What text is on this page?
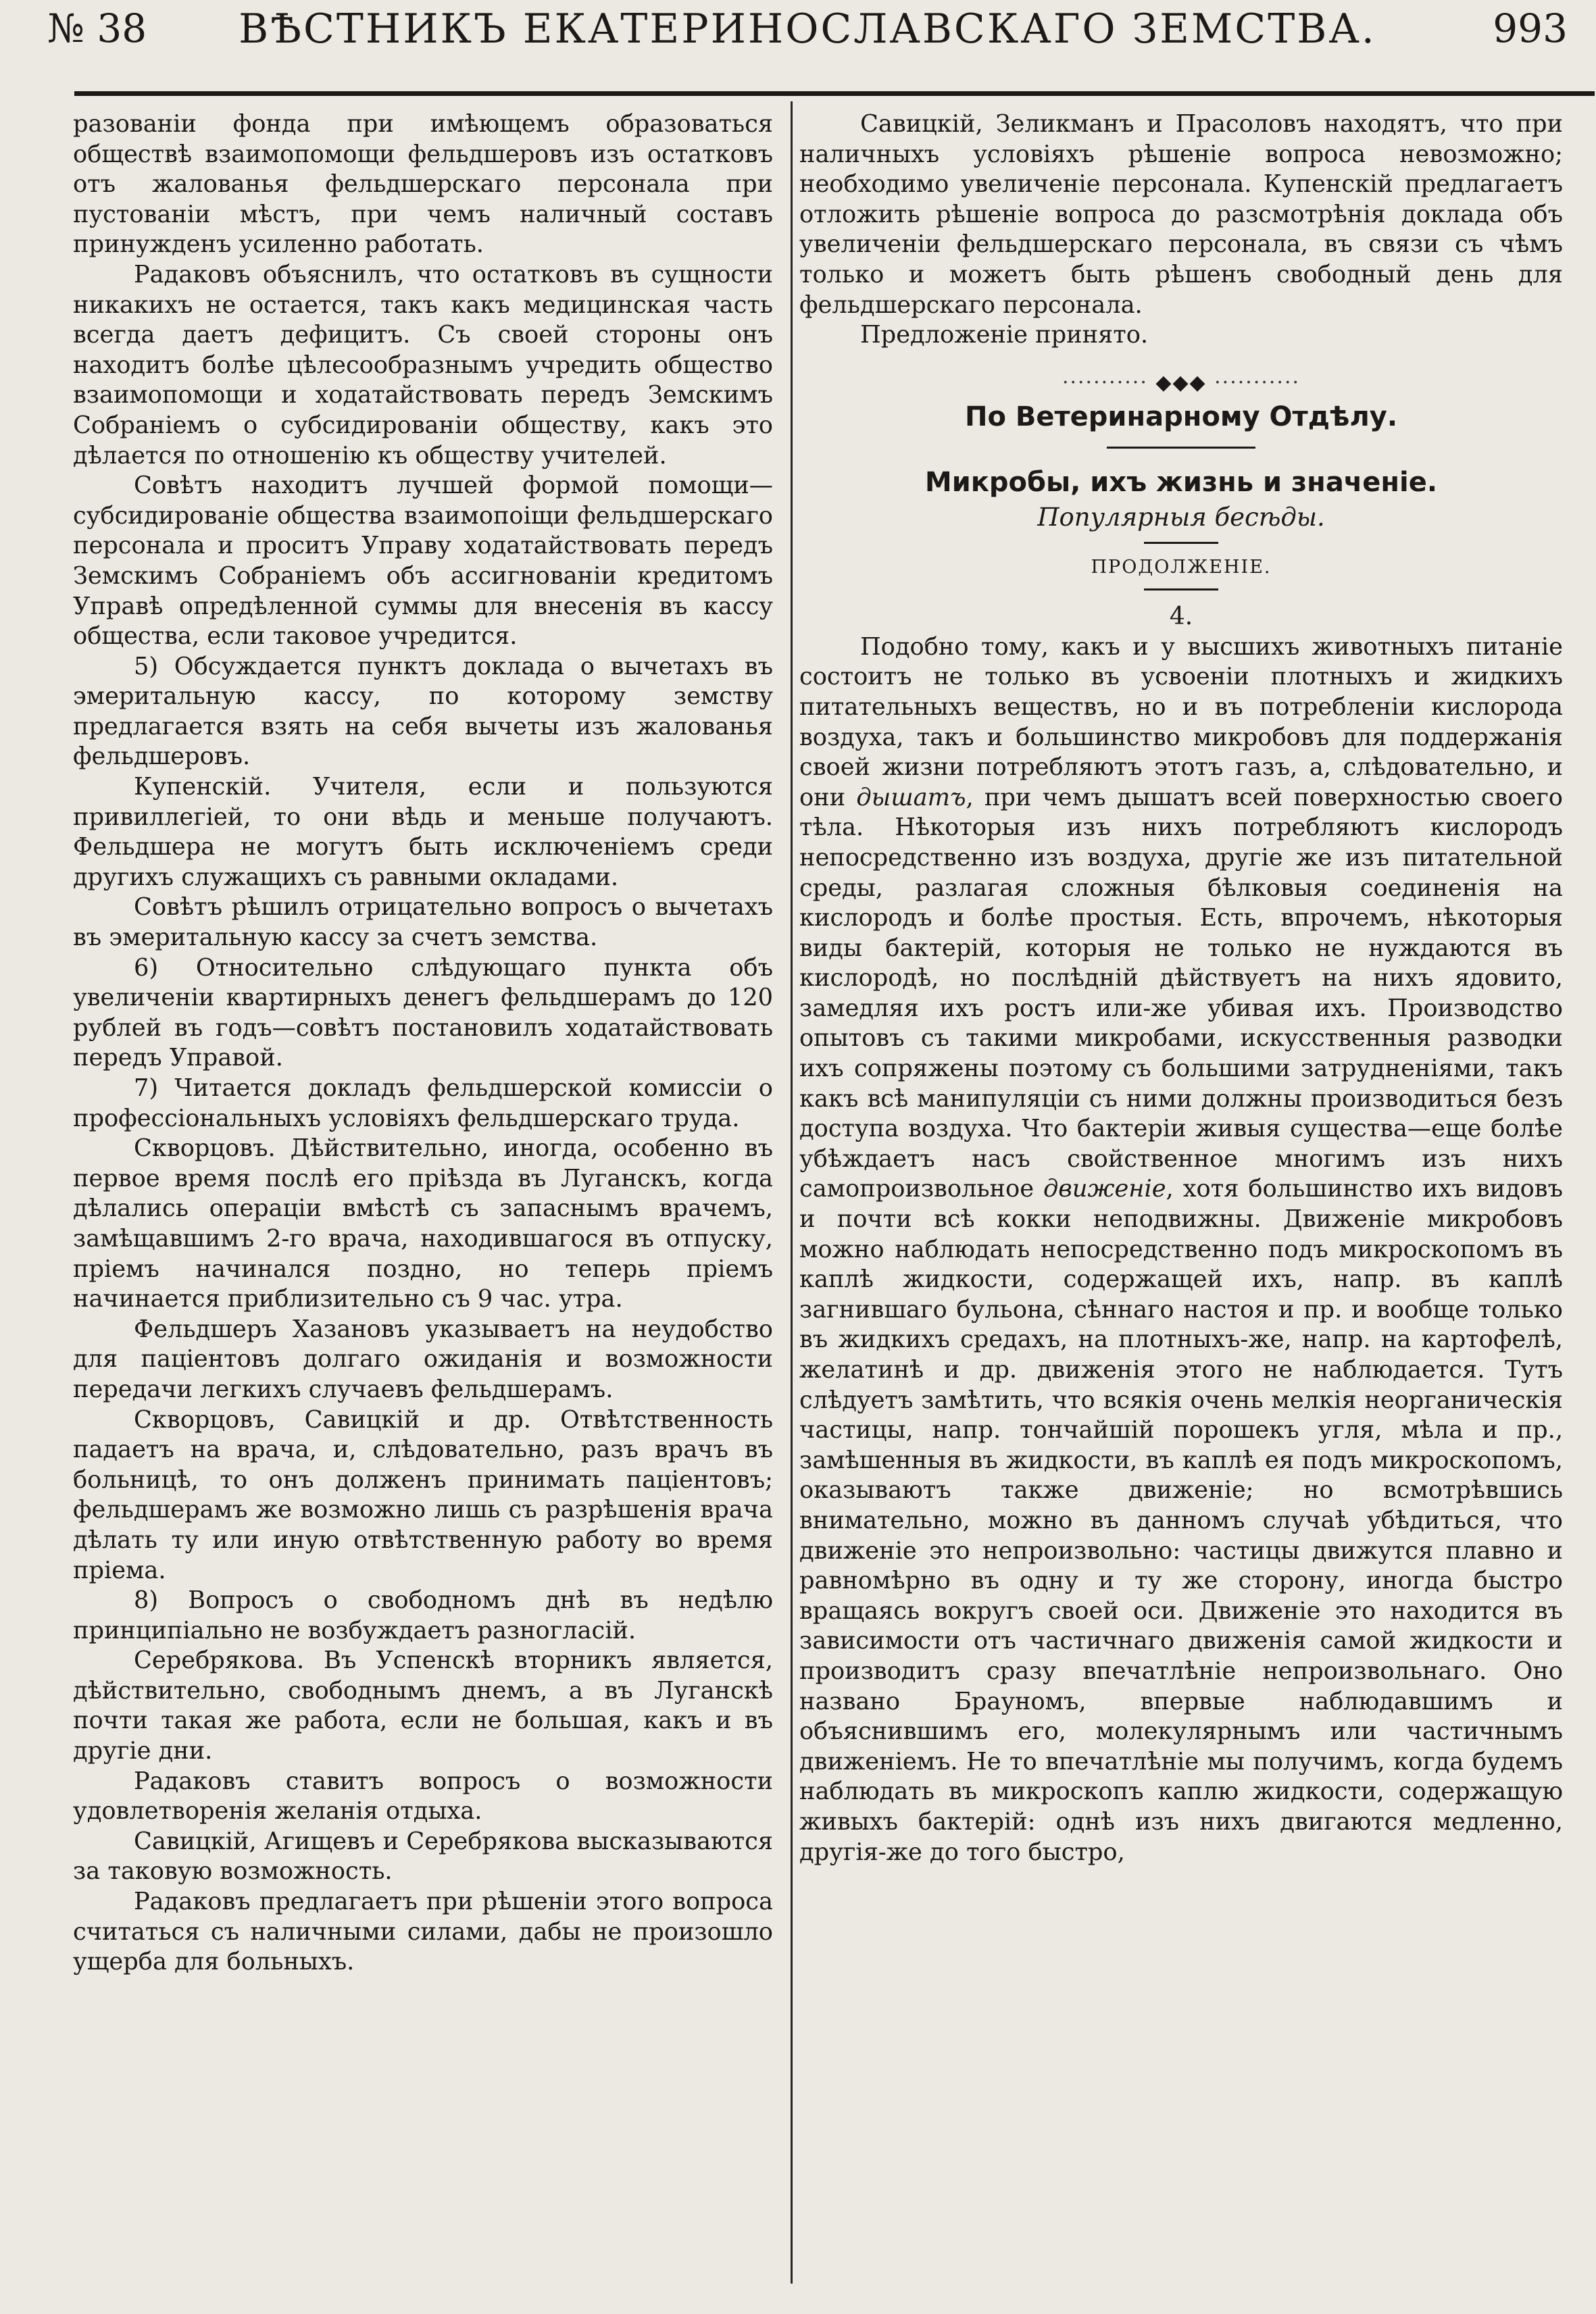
№ 38	ВѢСТНИКЪ ЕКАТЕРИНОСЛАВСКАГО ЗЕМСТВА.	993

разованіи фонда при имѣющемъ образоваться обществѣ взаимопомощи фельдшеровъ изъ остатковъ отъ жалованья фельдшерскаго персонала при пустованіи мѣстъ, при чемъ наличный составъ принужденъ усиленно работать.

Радаковъ объяснилъ, что остатковъ въ сущности никакихъ не остается, такъ какъ медицинская часть всегда даетъ дефицитъ. Съ своей стороны онъ находитъ болѣе цѣлесообразнымъ учредить общество взаимопомощи и ходатайствовать передъ Земскимъ Собраніемъ о субсидированіи обществу, какъ это дѣлается по отношенію къ обществу учителей.

Совѣтъ находитъ лучшей формой помощи—субсидированіе общества взаимопоіщи фельдшерскаго персонала и проситъ Управу ходатайствовать передъ Земскимъ Собраніемъ объ ассигнованіи кредитомъ Управѣ опредѣленной суммы для внесенія въ кассу общества, если таковое учредится.

5) Обсуждается пунктъ доклада о вычетахъ въ эмеритальную кассу, по которому земству предлагается взять на себя вычеты изъ жалованья фельдшеровъ.

Купенскій. Учителя, если и пользуются привиллегіей, то они вѣдь и меньше получаютъ. Фельдшера не могутъ быть исключеніемъ среди другихъ служащихъ съ равными окладами.

Совѣтъ рѣшилъ отрицательно вопросъ о вычетахъ въ эмеритальную кассу за счетъ земства.

6) Относительно слѣдующаго пункта объ увеличеніи квартирныхъ денегъ фельдшерамъ до 120 рублей въ годъ—совѣтъ постановилъ ходатайствовать передъ Управой.

7) Читается докладъ фельдшерской комиссіи о профессіональныхъ условіяхъ фельдшерскаго труда.

Скворцовъ. Дѣйствительно, иногда, особенно въ первое время послѣ его пріѣзда въ Луганскъ, когда дѣлались операціи вмѣстѣ съ запаснымъ врачемъ, замѣщавшимъ 2-го врача, находившагося въ отпуску, пріемъ начинался поздно, но теперь пріемъ начинается приблизительно съ 9 час. утра.

Фельдшеръ Хазановъ указываетъ на неудобство для паціентовъ долгаго ожиданія и возможности передачи легкихъ случаевъ фельдшерамъ.

Скворцовъ, Савицкій и др. Отвѣтственность падаетъ на врача, и, слѣдовательно, разъ врачъ въ больницѣ, то онъ долженъ принимать паціентовъ; фельдшерамъ же возможно лишь съ разрѣшенія врача дѣлать ту или иную отвѣтственную работу во время пріема.

8) Вопросъ о свободномъ днѣ въ недѣлю принципіально не возбуждаетъ разногласій.

Серебрякова. Въ Успенскѣ вторникъ является, дѣйствительно, свободнымъ днемъ, а въ Луганскѣ почти такая же работа, если не большая, какъ и въ другіе дни.

Радаковъ ставитъ вопросъ о возможности удовлетворенія желанія отдыха.

Савицкій, Агищевъ и Серебрякова высказываются за таковую возможность.

Радаковъ предлагаетъ при рѣшеніи этого вопроса считаться съ наличными силами, дабы не произошло ущерба для больныхъ.

Савицкій, Зеликманъ и Прасоловъ находятъ, что при наличныхъ условіяхъ рѣшеніе вопроса невозможно; необходимо увеличеніе персонала. Купенскій предлагаетъ отложить рѣшеніе вопроса до разсмотрѣнія доклада объ увеличеніи фельдшерскаго персонала, въ связи съ чѣмъ только и можетъ быть рѣшенъ свободный день для фельдшерскаго персонала.

Предложеніе принято.

··········· ◆◆◆ ···········

По Ветеринарному Отдѣлу.

Микробы, ихъ жизнь и значеніе.

Популярныя бесѣды.

ПРОДОЛЖЕНІЕ.

4.

Подобно тому, какъ и у высшихъ животныхъ питаніе состоитъ не только въ усвоеніи плотныхъ и жидкихъ питательныхъ веществъ, но и въ потребленіи кислорода воздуха, такъ и большинство микробовъ для поддержанія своей жизни потребляютъ этотъ газъ, а, слѣдовательно, и они дышатъ, при чемъ дышатъ всей поверхностью своего тѣла. Нѣкоторыя изъ нихъ потребляютъ кислородъ непосредственно изъ воздуха, другіе же изъ питательной среды, разлагая сложныя бѣлковыя соединенія на кислородъ и болѣе простыя. Есть, впрочемъ, нѣкоторыя виды бактерій, которыя не только не нуждаются въ кислородѣ, но послѣдній дѣйствуетъ на нихъ ядовито, замедляя ихъ ростъ или-же убивая ихъ. Производство опытовъ съ такими микробами, искусственныя разводки ихъ сопряжены поэтому съ большими затрудненіями, такъ какъ всѣ манипуляціи съ ними должны производиться безъ доступа воздуха. Что бактеріи живыя существа—еще болѣе убѣждаетъ насъ свойственное многимъ изъ нихъ самопроизвольное движеніе, хотя большинство ихъ видовъ и почти всѣ кокки неподвижны. Движеніе микробовъ можно наблюдать непосредственно подъ микроскопомъ въ каплѣ жидкости, содержащей ихъ, напр. въ каплѣ загнившаго бульона, сѣннаго настоя и пр. и вообще только въ жидкихъ средахъ, на плотныхъ-же, напр. на картофелѣ, желатинѣ и др. движенія этого не наблюдается. Тутъ слѣдуетъ замѣтить, что всякія очень мелкія неорганическія частицы, напр. тончайшій порошекъ угля, мѣла и пр., замѣшенныя въ жидкости, въ каплѣ ея подъ микроскопомъ, оказываютъ также движеніе; но всмотрѣвшись внимательно, можно въ данномъ случаѣ убѣдиться, что движеніе это непроизвольно: частицы движутся плавно и равномѣрно въ одну и ту же сторону, иногда быстро вращаясь вокругъ своей оси. Движеніе это находится въ зависимости отъ частичнаго движенія самой жидкости и производитъ сразу впечатлѣніе непроизвольнаго. Оно названо Брауномъ, впервые наблюдавшимъ и объяснившимъ его, молекулярнымъ или частичнымъ движеніемъ. Не то впечатлѣніе мы получимъ, когда будемъ наблюдать въ микроскопъ каплю жидкости, содержащую живыхъ бактерій: однѣ изъ нихъ двигаются медленно, другія-же до того быстро,
